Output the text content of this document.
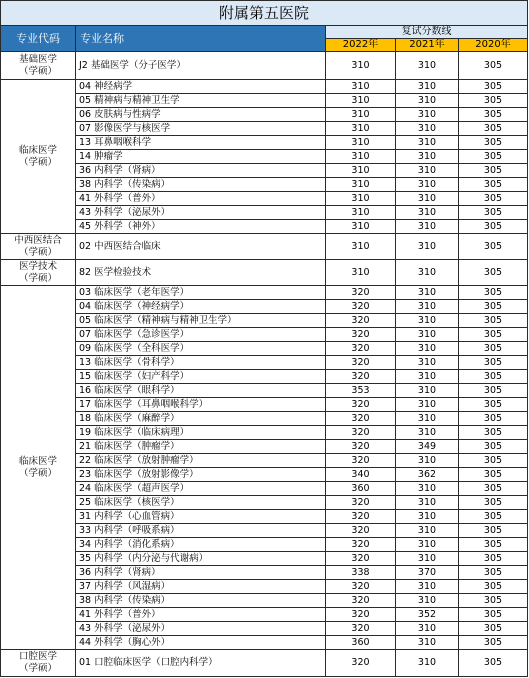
附属第五医院				
专业代码	专业名称	复试分数线		
		2022年	2021年	2020年
基础医学
（学硕）	J2 基础医学（分子医学）	310	310	305
临床医学
（学硕）	04 神经病学	310	310	305
	05 精神病与精神卫生学	310	310	305
	06 皮肤病与性病学	310	310	305
	07 影像医学与核医学	310	310	305
	13 耳鼻咽喉科学	310	310	305
	14 肿瘤学	310	310	305
	36 内科学（肾病）	310	310	305
	38 内科学（传染病）	310	310	305
	41 外科学（普外）	310	310	305
	43 外科学（泌尿外）	310	310	305
	45 外科学（神外）	310	310	305
中西医结合
（学硕）	02 中西医结合临床	310	310	305
医学技术
（学硕）	82 医学检验技术	310	310	305
临床医学
（学硕）	03 临床医学（老年医学）	320	310	305
	04 临床医学（神经病学）	320	310	305
	05 临床医学（精神病与精神卫生学）	320	310	305
	07 临床医学（急诊医学）	320	310	305
	09 临床医学（全科医学）	320	310	305
	13 临床医学（骨科学）	320	310	305
	15 临床医学（妇产科学）	320	310	305
	16 临床医学（眼科学）	353	310	305
	17 临床医学（耳鼻咽喉科学）	320	310	305
	18 临床医学（麻醉学）	320	310	305
	19 临床医学（临床病理）	320	310	305
	21 临床医学（肿瘤学）	320	349	305
	22 临床医学（放射肿瘤学）	320	310	305
	23 临床医学（放射影像学）	340	362	305
	24 临床医学（超声医学）	360	310	305
	25 临床医学（核医学）	320	310	305
	31 内科学（心血管病）	320	310	305
	33 内科学（呼吸系病）	320	310	305
	34 内科学（消化系病）	320	310	305
	35 内科学（内分泌与代谢病）	320	310	305
	36 内科学（肾病）	338	370	305
	37 内科学（风湿病）	320	310	305
	38 内科学（传染病）	320	310	305
	41 外科学（普外）	320	352	305
	43 外科学（泌尿外）	320	310	305
	44 外科学（胸心外）	360	310	305
口腔医学
（学硕）	01 口腔临床医学（口腔内科学）	320	310	305
